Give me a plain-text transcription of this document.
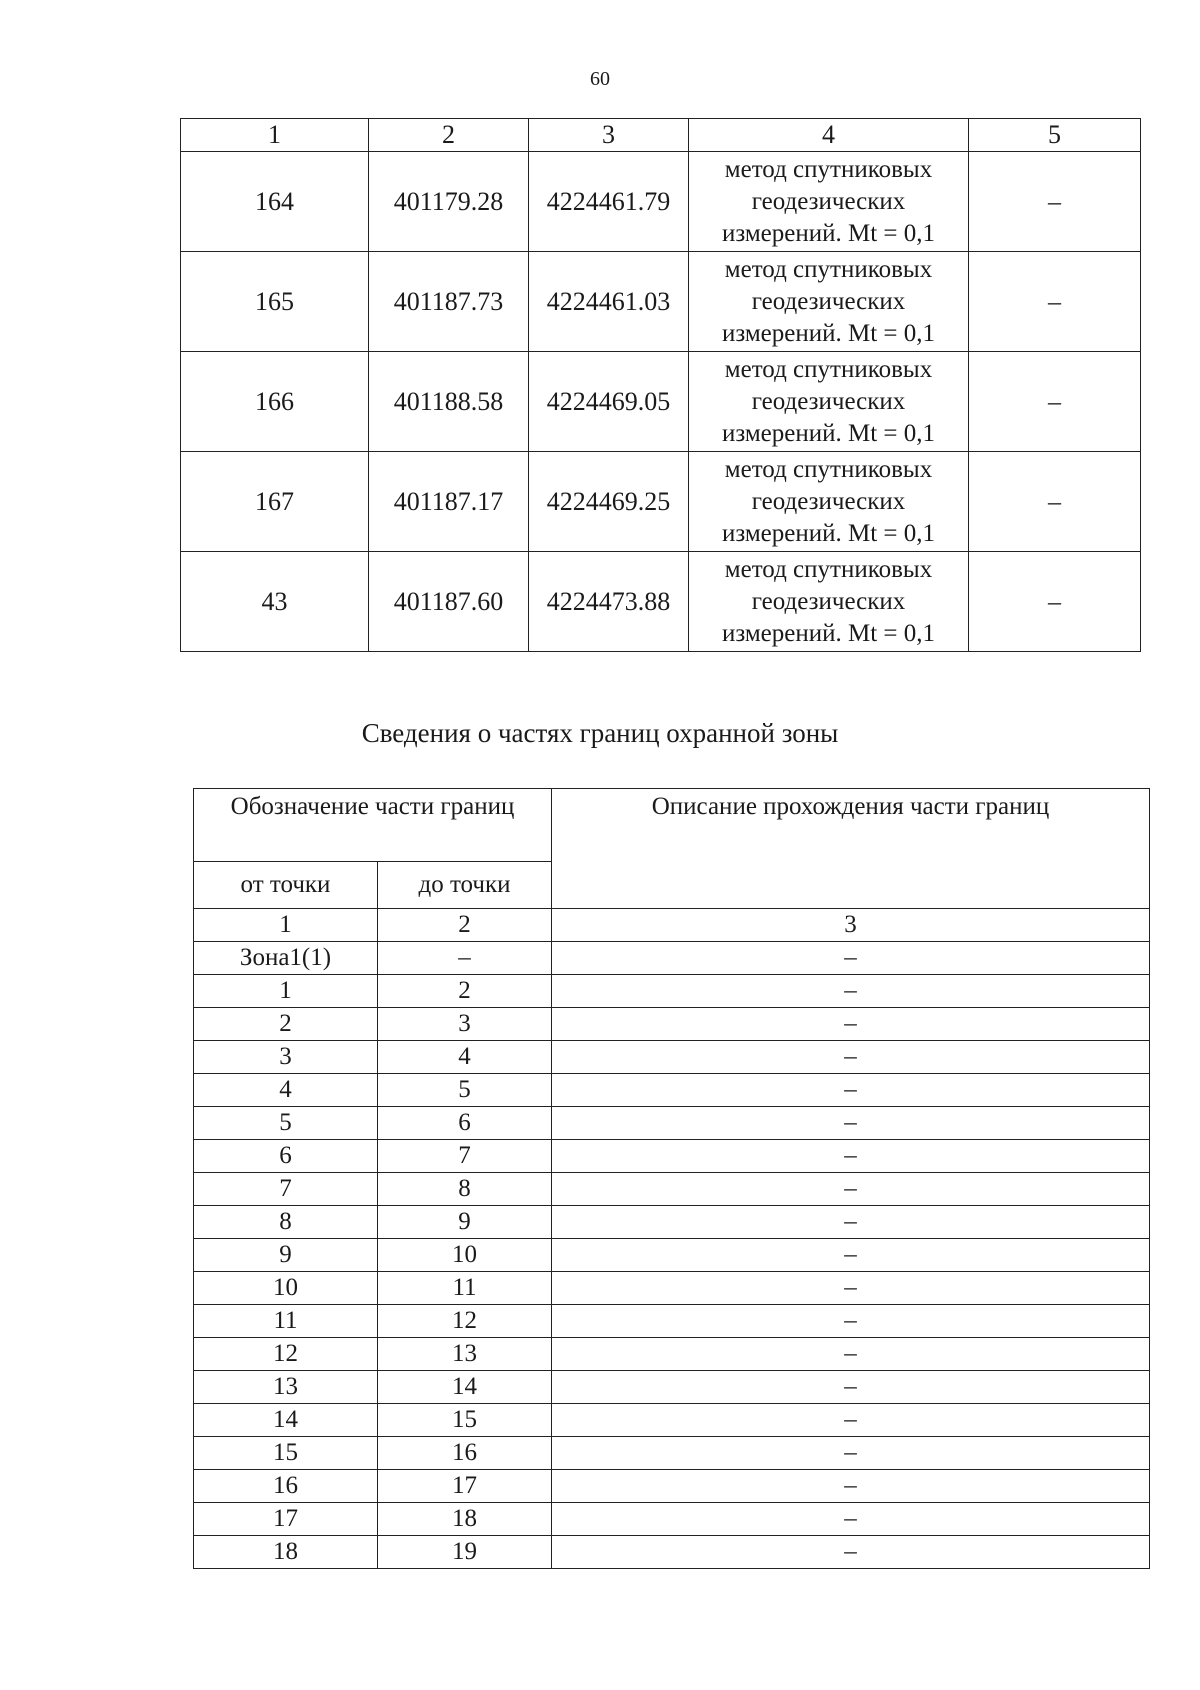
60
1	2	3	4	5
164	401179.28	4224461.79	метод спутниковых
геодезических
измерений. Mt = 0,1	–
165	401187.73	4224461.03	метод спутниковых
геодезических
измерений. Mt = 0,1	–
166	401188.58	4224469.05	метод спутниковых
геодезических
измерений. Mt = 0,1	–
167	401187.17	4224469.25	метод спутниковых
геодезических
измерений. Mt = 0,1	–
43	401187.60	4224473.88	метод спутниковых
геодезических
измерений. Mt = 0,1	–
Сведения о частях границ охранной зоны
Обозначение части границ		Описание прохождения части границ
от точки	до точки	
1	2	3
Зона1(1)	–	–
1	2	–
2	3	–
3	4	–
4	5	–
5	6	–
6	7	–
7	8	–
8	9	–
9	10	–
10	11	–
11	12	–
12	13	–
13	14	–
14	15	–
15	16	–
16	17	–
17	18	–
18	19	–
